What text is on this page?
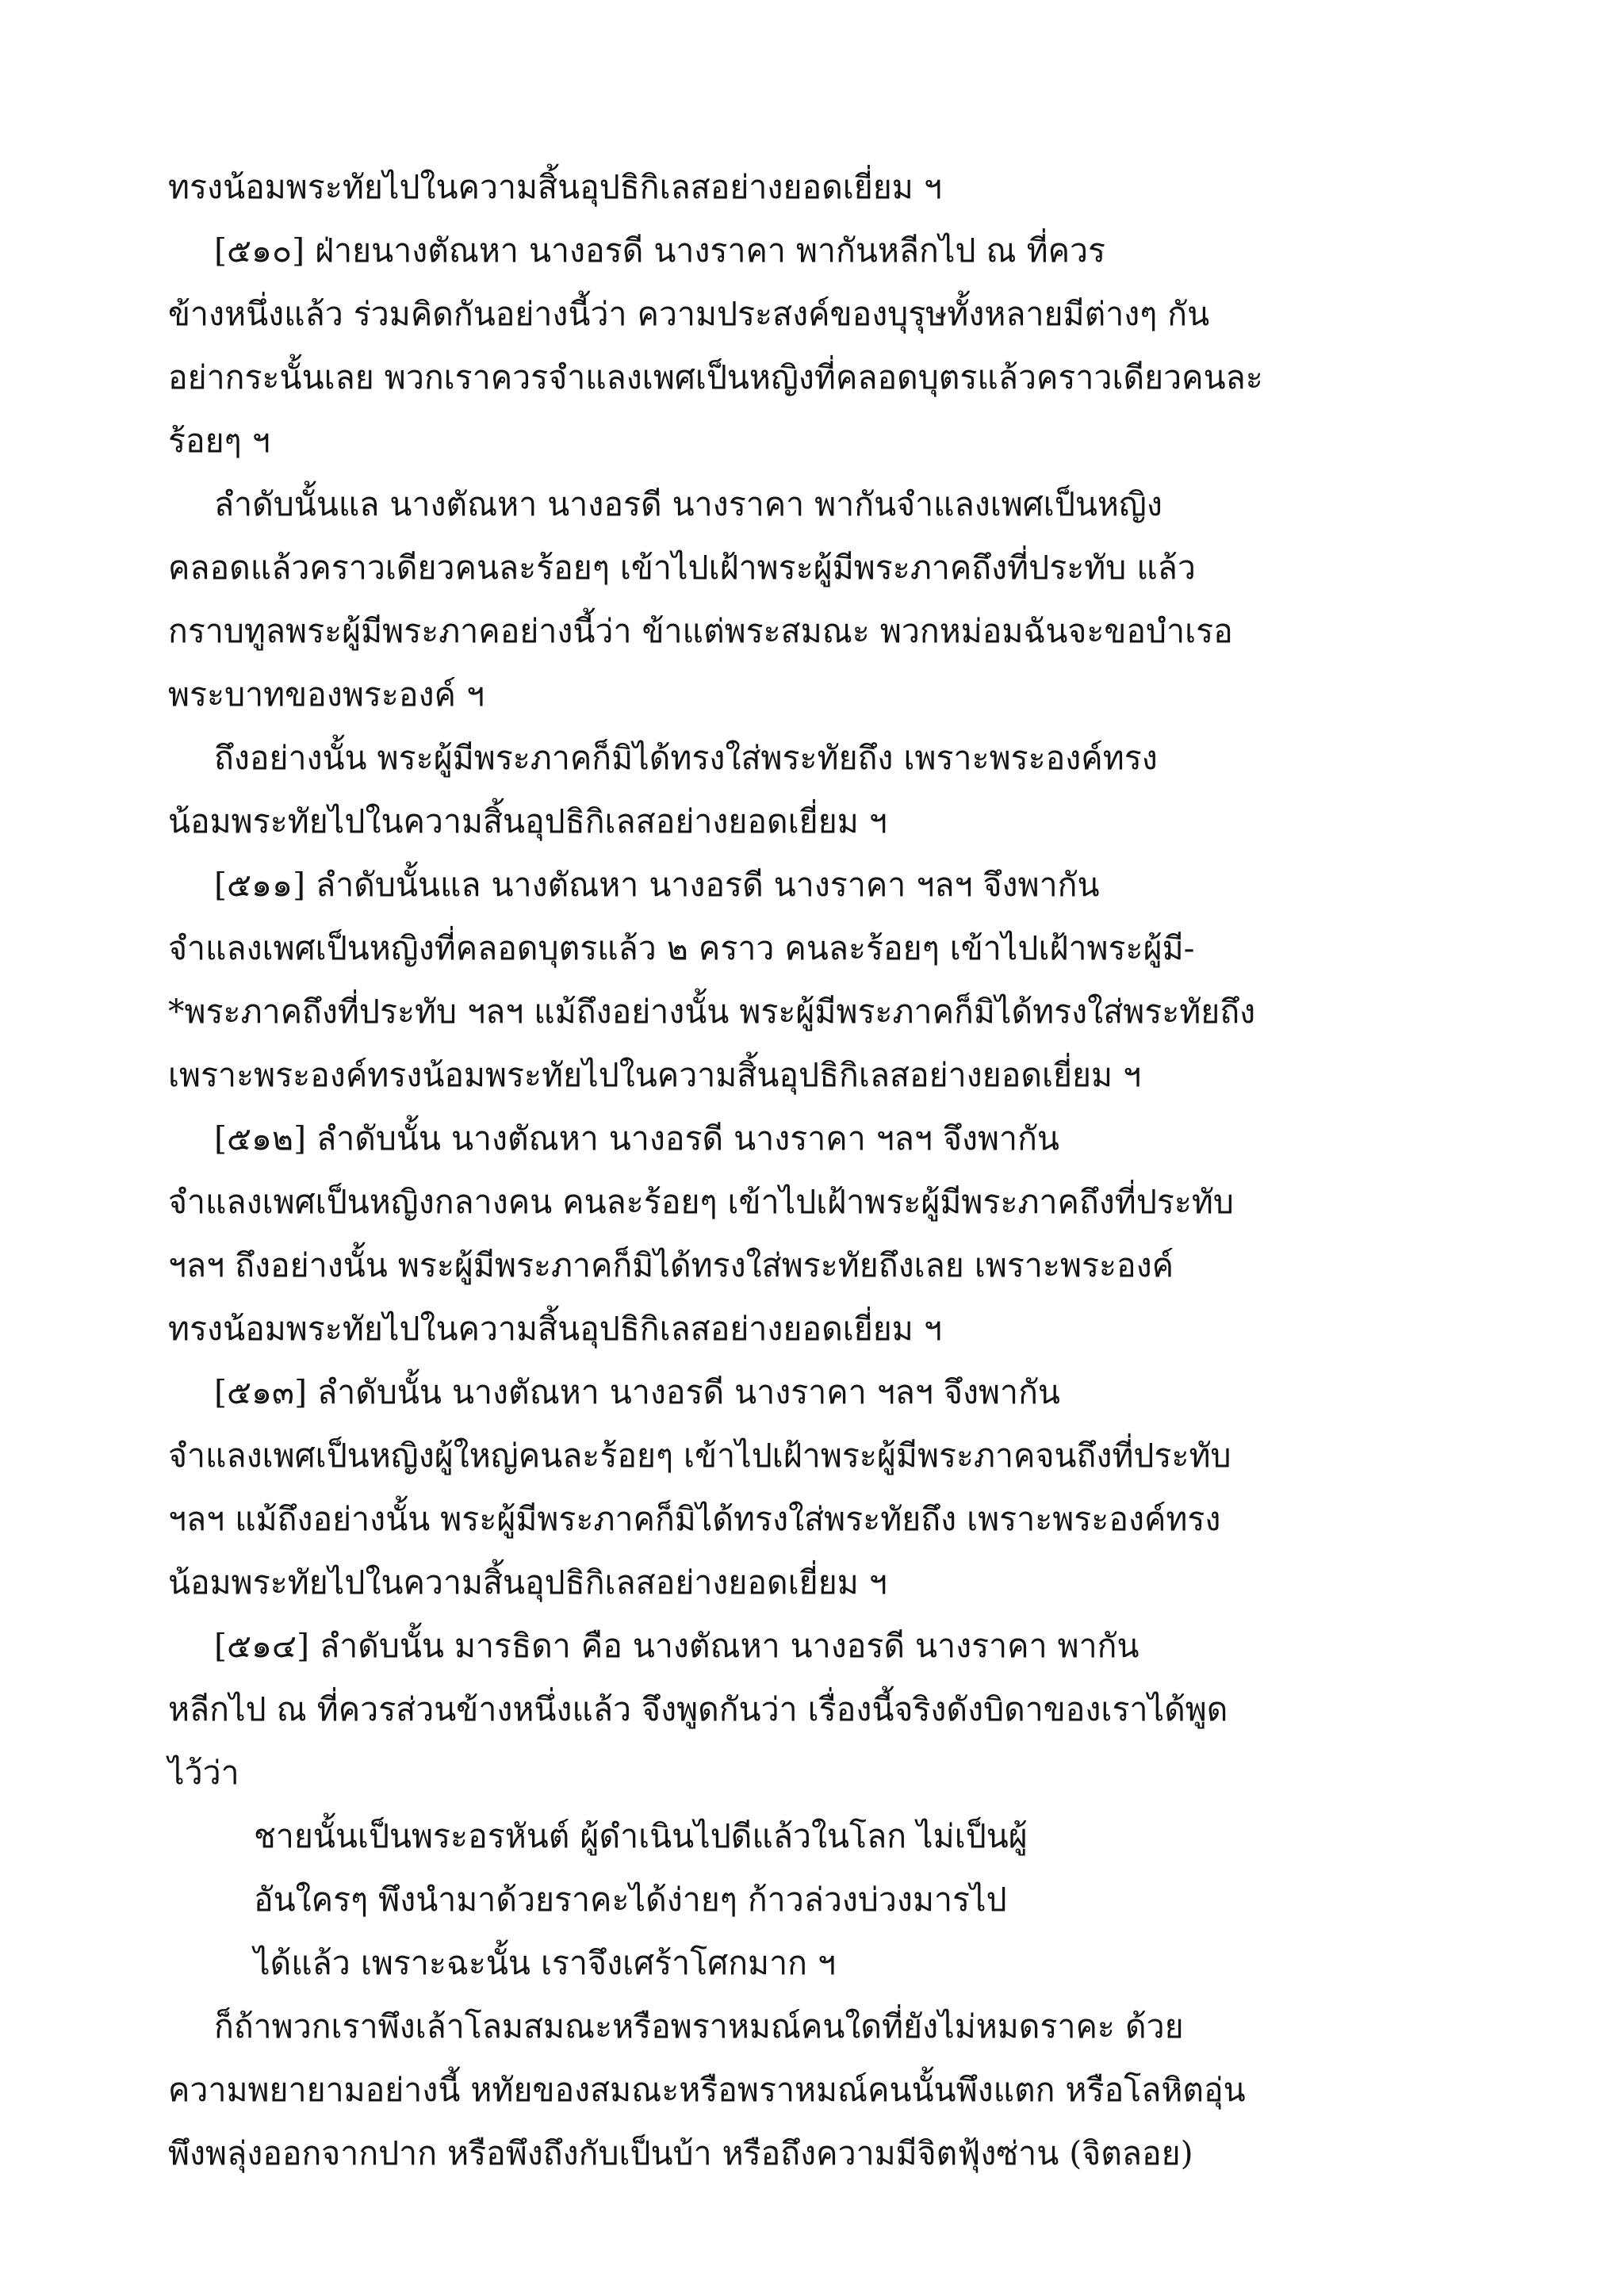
ทรงน้อมพระทัยไปในความสิ้นอุปธิกิเลสอย่างยอดเยี่ยม ฯ
[๕๑๐] ฝ่ายนางตัณหา นางอรดี นางราคา พากันหลีกไป ณ ที่ควร
ข้างหนึ่งแล้ว ร่วมคิดกันอย่างนี้ว่า ความประสงค์ของบุรุษทั้งหลายมีต่างๆ กัน
อย่ากระนั้นเลย พวกเราควรจำแลงเพศเป็นหญิงที่คลอดบุตรแล้วคราวเดียวคนละ
ร้อยๆ ฯ
ลำดับนั้นแล นางตัณหา นางอรดี นางราคา พากันจำแลงเพศเป็นหญิง
คลอดแล้วคราวเดียวคนละร้อยๆ เข้าไปเฝ้าพระผู้มีพระภาคถึงที่ประทับ แล้ว
กราบทูลพระผู้มีพระภาคอย่างนี้ว่า ข้าแต่พระสมณะ พวกหม่อมฉันจะขอบำเรอ
พระบาทของพระองค์ ฯ
ถึงอย่างนั้น พระผู้มีพระภาคก็มิได้ทรงใส่พระทัยถึง เพราะพระองค์ทรง
น้อมพระทัยไปในความสิ้นอุปธิกิเลสอย่างยอดเยี่ยม ฯ
[๕๑๑] ลำดับนั้นแล นางตัณหา นางอรดี นางราคา ฯลฯ จึงพากัน
จำแลงเพศเป็นหญิงที่คลอดบุตรแล้ว ๒ คราว คนละร้อยๆ เข้าไปเฝ้าพระผู้มี-
*พระภาคถึงที่ประทับ ฯลฯ แม้ถึงอย่างนั้น พระผู้มีพระภาคก็มิได้ทรงใส่พระทัยถึง
เพราะพระองค์ทรงน้อมพระทัยไปในความสิ้นอุปธิกิเลสอย่างยอดเยี่ยม ฯ
[๕๑๒] ลำดับนั้น นางตัณหา นางอรดี นางราคา ฯลฯ จึงพากัน
จำแลงเพศเป็นหญิงกลางคน คนละร้อยๆ เข้าไปเฝ้าพระผู้มีพระภาคถึงที่ประทับ
ฯลฯ ถึงอย่างนั้น พระผู้มีพระภาคก็มิได้ทรงใส่พระทัยถึงเลย เพราะพระองค์
ทรงน้อมพระทัยไปในความสิ้นอุปธิกิเลสอย่างยอดเยี่ยม ฯ
[๕๑๓] ลำดับนั้น นางตัณหา นางอรดี นางราคา ฯลฯ จึงพากัน
จำแลงเพศเป็นหญิงผู้ใหญ่คนละร้อยๆ เข้าไปเฝ้าพระผู้มีพระภาคจนถึงที่ประทับ
ฯลฯ แม้ถึงอย่างนั้น พระผู้มีพระภาคก็มิได้ทรงใส่พระทัยถึง เพราะพระองค์ทรง
น้อมพระทัยไปในความสิ้นอุปธิกิเลสอย่างยอดเยี่ยม ฯ
[๕๑๔] ลำดับนั้น มารธิดา คือ นางตัณหา นางอรดี นางราคา พากัน
หลีกไป ณ ที่ควรส่วนข้างหนึ่งแล้ว จึงพูดกันว่า เรื่องนี้จริงดังบิดาของเราได้พูด
ไว้ว่า
ชายนั้นเป็นพระอรหันต์ ผู้ดำเนินไปดีแล้วในโลก ไม่เป็นผู้
อันใครๆ พึงนำมาด้วยราคะได้ง่ายๆ ก้าวล่วงบ่วงมารไป
ได้แล้ว เพราะฉะนั้น เราจึงเศร้าโศกมาก ฯ
ก็ถ้าพวกเราพึงเล้าโลมสมณะหรือพราหมณ์คนใดที่ยังไม่หมดราคะ ด้วย
ความพยายามอย่างนี้ หทัยของสมณะหรือพราหมณ์คนนั้นพึงแตก หรือโลหิตอุ่น
พึงพลุ่งออกจากปาก หรือพึงถึงกับเป็นบ้า หรือถึงความมีจิตฟุ้งซ่าน (จิตลอย)
